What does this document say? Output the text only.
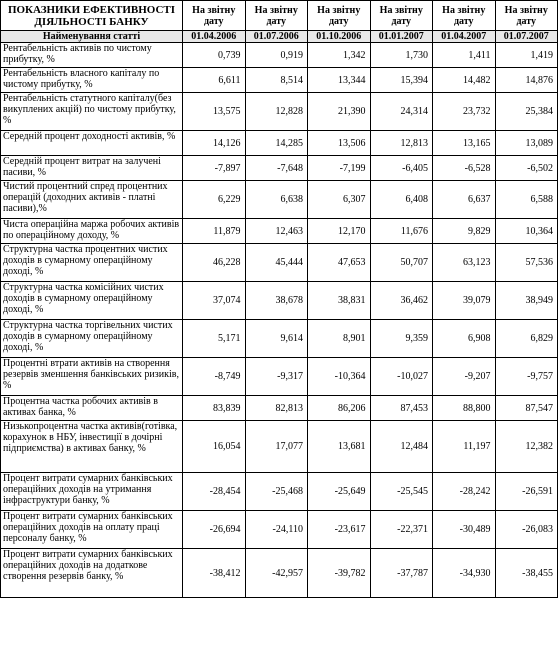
ПОКАЗНИКИ ЕФЕКТИВНОСТІ ДІЯЛЬНОСТІ БАНКУ	На звітну дату	На звітну дату	На звітну дату	На звітну дату	На звітну дату	На звітну дату
Найменування статті	01.04.2006	01.07.2006	01.10.2006	01.01.2007	01.04.2007	01.07.2007
Рентабельність активів по чистому прибутку, %	0,739	0,919	1,342	1,730	1,411	1,419
Рентабельність власного капіталу по чистому прибутку, %	6,611	8,514	13,344	15,394	14,482	14,876
Рентабельність статутного капіталу(без викуплених акцій) по чистому прибутку, %	13,575	12,828	21,390	24,314	23,732	25,384
Середній процент доходності активів, %	14,126	14,285	13,506	12,813	13,165	13,089
Середній процент витрат на залучені пасиви, %	-7,897	-7,648	-7,199	-6,405	-6,528	-6,502
Чистий процентний спред процентних операцій (доходних активів - платні пасиви),%	6,229	6,638	6,307	6,408	6,637	6,588
Чиста операційна маржа робочих активів по операційному доходу, %	11,879	12,463	12,170	11,676	9,829	10,364
Структурна частка процентних чистих доходів в сумарному операційному доході, %	46,228	45,444	47,653	50,707	63,123	57,536
Структурна частка комісійних чистих доходів в сумарному операційному доході, %	37,074	38,678	38,831	36,462	39,079	38,949
Структурна частка торгівельних чистих доходів в сумарному операційному доході, %	5,171	9,614	8,901	9,359	6,908	6,829
Процентні втрати активів на створення резервів зменшення банківських ризиків, %	-8,749	-9,317	-10,364	-10,027	-9,207	-9,757
Процентна частка робочих активів в активах банка, %	83,839	82,813	86,206	87,453	88,800	87,547
Низькопроцентна частка активів(готівка, корахунок в НБУ, інвестиції в дочірні підприємства) в активах банку, %	16,054	17,077	13,681	12,484	11,197	12,382
Процент витрати сумарних банківських операційних доходів на утримання інфраструктури банку, %	-28,454	-25,468	-25,649	-25,545	-28,242	-26,591
Процент витрати сумарних банківських операційних доходів на оплату праці персоналу банку, %	-26,694	-24,110	-23,617	-22,371	-30,489	-26,083
Процент витрати сумарних банківських операційних доходів на додаткове створення резервів банку, %	-38,412	-42,957	-39,782	-37,787	-34,930	-38,455
